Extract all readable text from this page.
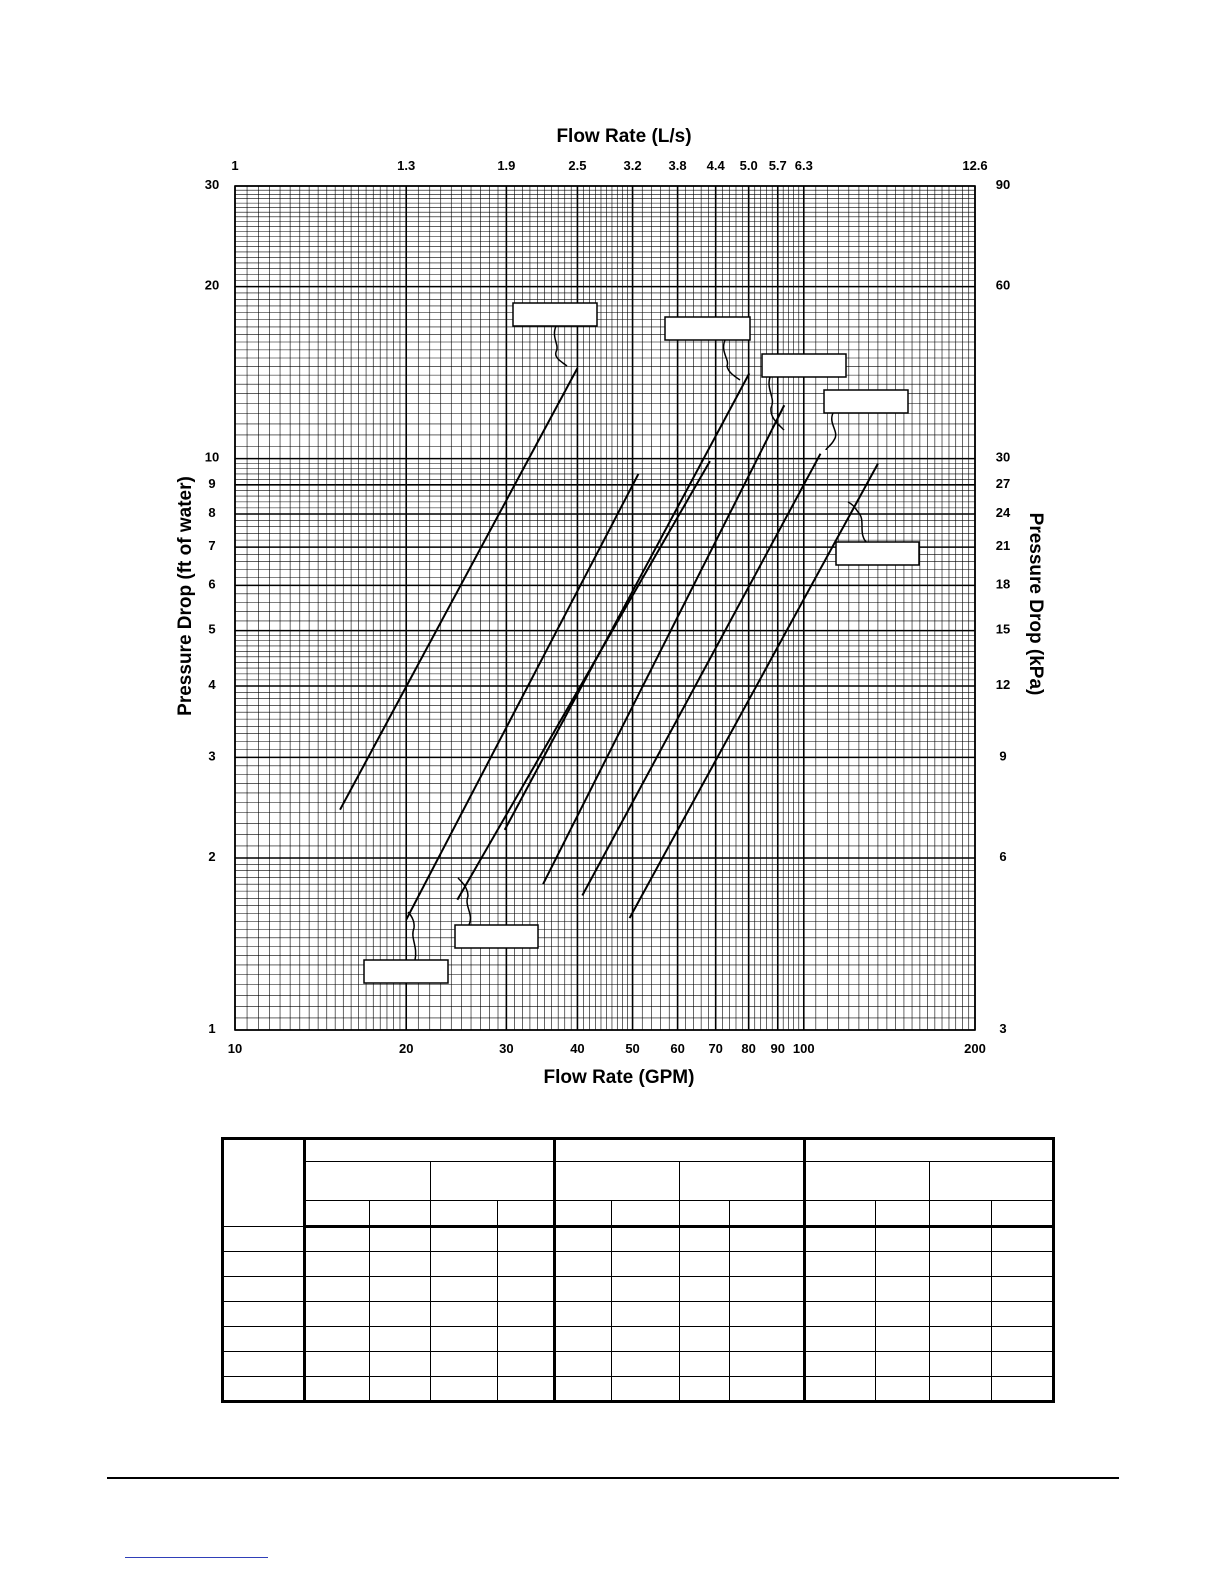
10	20	30	40	50 60 70 80 90 100	200
1	1.3	1.9	2.5	3.2 3.8 4.4 5.0 5.7 6.3	12.6
1
2
3
4
5
6
7
8
9
10
20
30
3
6
9
12
15
18
21
24
27
30
60
90
Flow Rate (L/s)
Flow Rate (GPM)
Pressure Drop (ft of water)	Pressure Drop (kPa)
